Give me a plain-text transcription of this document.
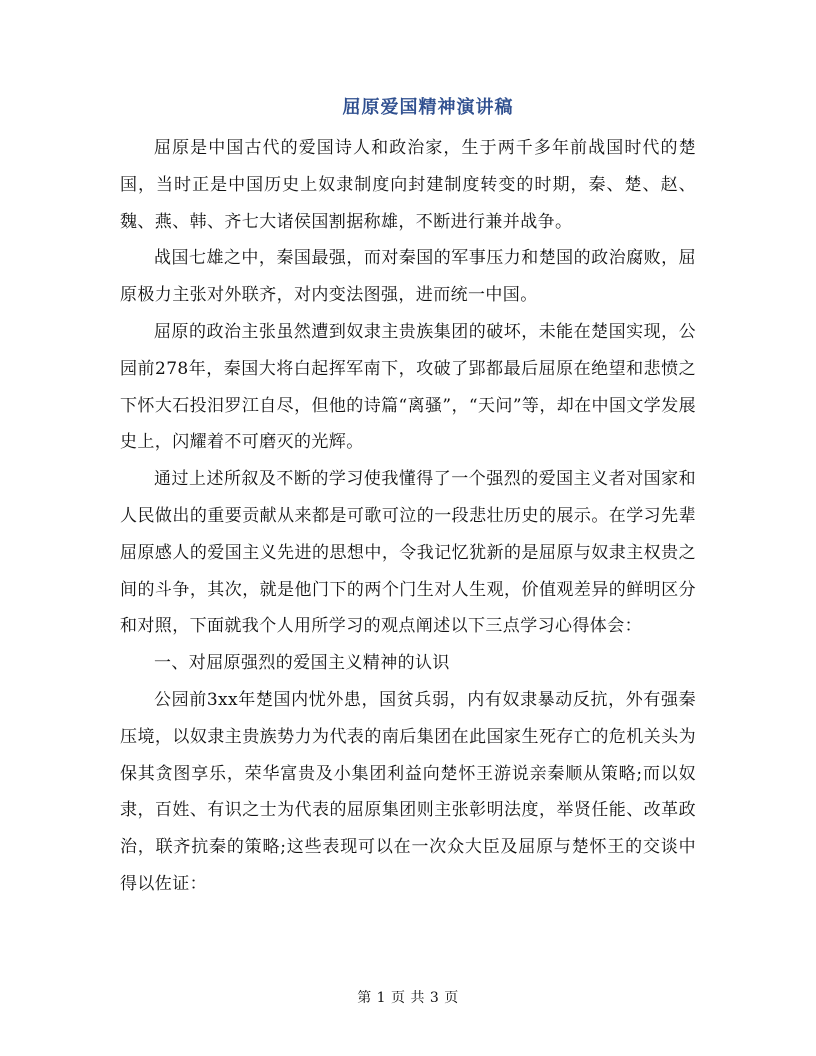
屈原爱国精神演讲稿

屈原是中国古代的爱国诗人和政治家，生于两千多年前战国时代的楚国，当时正是中国历史上奴隶制度向封建制度转变的时期，秦、楚、赵、魏、燕、韩、齐七大诸侯国割据称雄，不断进行兼并战争。

战国七雄之中，秦国最强，而对秦国的军事压力和楚国的政治腐败，屈原极力主张对外联齐，对内变法图强，进而统一中国。

屈原的政治主张虽然遭到奴隶主贵族集团的破坏，未能在楚国实现，公园前278年，秦国大将白起挥军南下，攻破了郢都最后屈原在绝望和悲愤之下怀大石投汨罗江自尽，但他的诗篇“离骚”，“天问”等，却在中国文学发展史上，闪耀着不可磨灭的光辉。

通过上述所叙及不断的学习使我懂得了一个强烈的爱国主义者对国家和人民做出的重要贡献从来都是可歌可泣的一段悲壮历史的展示。在学习先辈屈原感人的爱国主义先进的思想中，令我记忆犹新的是屈原与奴隶主权贵之间的斗争，其次，就是他门下的两个门生对人生观，价值观差异的鲜明区分和对照，下面就我个人用所学习的观点阐述以下三点学习心得体会：

一、对屈原强烈的爱国主义精神的认识

公园前3xx年楚国内忧外患，国贫兵弱，内有奴隶暴动反抗，外有强秦压境，以奴隶主贵族势力为代表的南后集团在此国家生死存亡的危机关头为保其贪图享乐，荣华富贵及小集团利益向楚怀王游说亲秦顺从策略;而以奴隶，百姓、有识之士为代表的屈原集团则主张彰明法度，举贤任能、改革政治，联齐抗秦的策略;这些表现可以在一次众大臣及屈原与楚怀王的交谈中得以佐证：

第 1 页 共 3 页
